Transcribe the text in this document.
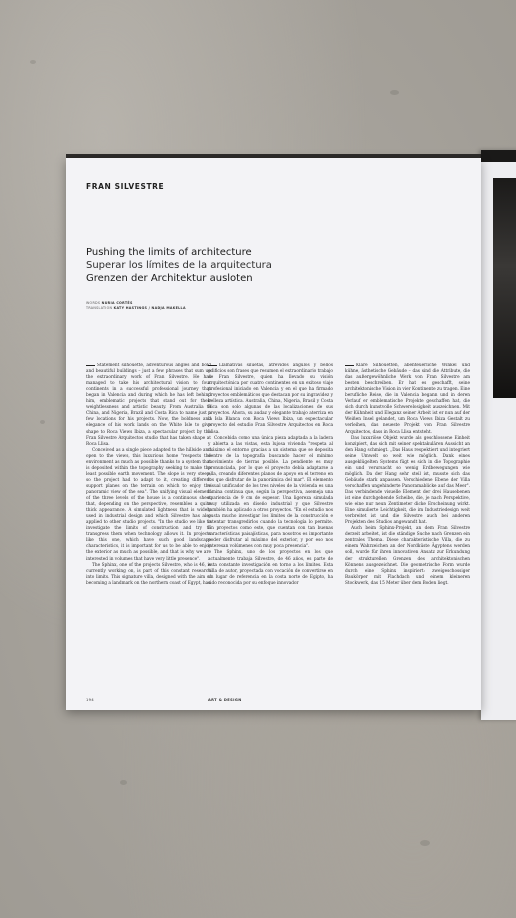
FRAN SILVESTRE
Pushing the limits of architecture
Superar los límites de la arquitectura
Grenzen der Architektur ausloten
WORDS NURIA CORTÉS
TRANSLATION KATY HASTINGS / NADJA MAKELLA

Statement silhouette, adventurous angles and bold and beautiful buildings – just a few phrases that sum up the extraordinary work of Fran Silvestre. He has managed to take his architectural vision to four continents in a successful professional journey that began in Valencia and during which he has left behind him, emblematic projects that stand out for their weightlessness and artistic beauty. From Australia to China, and Nigeria, Brazil and Costa Rica to name just a few locations for his projects. Now, the boldness and elegance of his work lands on the White Isle to give shape to Roca Views Ibiza, a spectacular project by the Fran Silvestre Arquitectos studio that has taken shape at Roca Llisa.

Conceived as a single piece adapted to the hillside and open to the views, this luxurious home "respects the environment as much as possible thanks to a system that is deposited within the topography seeking to make the least possible earth movement. The slope is very steep, so the project had to adapt to it, creating different support planes on the terrain on which to enjoy the panoramic view of the sea". The unifying visual element of the three levels of the house is a continuous sheet that, depending on the perspective, resembles a quite thick appearance. A simulated lightness that is widely used in industrial design and which Silvestre has also applied to other studio projects. "In the studio we like to investigate the limits of construction and try to transgress them when technology allows it. In projects like this one, which have such good landscape characteristics, it is important for us to be able to enjoy the exterior as much as possible, and that is why we are interested in volumes that have very little presence".

The Sphinx, one of the projects Silvestre, who is 46, is currently working on, is part of this constant research into limits. This signature villa, designed with the aim of becoming a landmark on the northern coast of Egypt, has

Llamativas siluetas, atrevidos ángulos y bellos edificios son frases que resumen el extraordinario trabajo de Fran Silvestre, quien ha llevado su visión arquitectónica por cuatro continentes en un exitoso viaje profesional iniciado en Valencia y en el que ha firmado proyectos emblemáticos que destacan por su ingravidez y belleza artística. Australia, China, Nigeria, Brasil y Costa Rica son solo algunas de las localizaciones de sus proyectos. Ahora, su audaz y elegante trabajo aterriza en la Isla Blanca con Roca Views Ibiza, un espectacular proyecto del estudio Fran Silvestre Arquitectos en Roca Llisa.

Concebida como una única pieza adaptada a la ladera y abierta a las vistas, esta lujosa vivienda "respeta al máximo el entorno gracias a un sistema que se deposita dentro de la topografía buscando hacer el mínimo movimiento de tierras posible. La pendiente es muy pronunciada, por lo que el proyecto debía adaptarse a ella, creando diferentes planos de apoyo en el terreno en los que disfrutar de la panorámica del mar". El elemento visual unificador de los tres niveles de la vivienda es una lámina continua que, según la perspectiva, asemeja una apariencia de 9 cm de espesor. Una ligereza simulada muy utilizada en diseño industrial y que Silvestre también ha aplicado a otros proyectos. "En el estudio nos gusta mucho investigar los límites de la construcción e intentar transgredirlos cuando la tecnología lo permite. En proyectos como este, que cuentan con tan buenas características paisajísticas, para nosotros es importante poder disfrutar al máximo del exterior, y por eso nos interesan volúmenes con muy poca presencia".

The Sphinx, uno de los proyectos en los que actualmente trabaja Silvestre, de 46 años, es parte de esta constante investigación en torno a los límites. Esta villa de autor, proyectada con vocación de convertirse en un lugar de referencia en la costa norte de Egipto, ha sido reconocida por su enfoque innovador

Klare Silhouetten, abenteuerliche Winkel und kühne, ästhetische Gebäude – das sind die Attribute, die das außergewöhnliche Werk von Fran Silvestre am besten beschreiben. Er hat es geschafft, seine architektonische Vision in vier Kontinente zu tragen. Eine berufliche Reise, die in Valencia begann und in deren Verlauf er emblematische Projekte geschaffen hat, die sich durch kunstvolle Schwerelosigkeit auszeichnen. Mit der Kühnheit und Eleganz seiner Arbeit ist er nun auf der Weißen Insel gelandet, um Roca Views Ibiza Gestalt zu verleihen, das neueste Projekt von Fran Silvestre Arquitectos, dass in Roca Llisa entsteht.

Das luxuriöse Objekt wurde als geschlossene Einheit konzipiert, das sich mit seiner spektakulären Aussicht an den Hang schmiegt. „Das Haus respektiert und integriert seine Umwelt so weit wie möglich. Dank eines ausgeklügelten Systems fügt es sich in die Topographie ein und verursacht so wenig Erdbewegungen wie möglich. Da der Hang sehr steil ist, musste sich das Gebäude stark anpassen. Verschiedene Ebene der Villa verschaffen ungehinderte Panoramablicke auf das Meer". Das verbindende visuelle Element der drei Hausebenen ist eine durchgehende Scheibe, die, je nach Perspektive, wie eine nur neun Zentimeter dicke Erscheinung wirkt. Eine simulierte Leichtigkeit, die im Industriedesign weit verbreitet ist und die Silvestre auch bei anderen Projekten des Studios angewandt hat.

Auch beim Sphinx-Projekt, an dem Fran Silvestre derzeit arbeitet, ist die ständige Suche nach Grenzen ein zentrales Thema. Diese charakteristische Villa, die zu einem Wahrzeichen an der Nordküste Ägyptens werden soll, wurde für ihren innovativen Ansatz zur Erkundung der strukturellen Grenzen des architektonischen Könnens ausgezeichnet. Die geometrische Form wurde durch eine Sphinx inspiriert: zweigeschossiger Baukörper mit Flachdach und einem kleineren Stockwerk, das 15 Meter über dem Boden liegt.

194	ART & DESIGN
